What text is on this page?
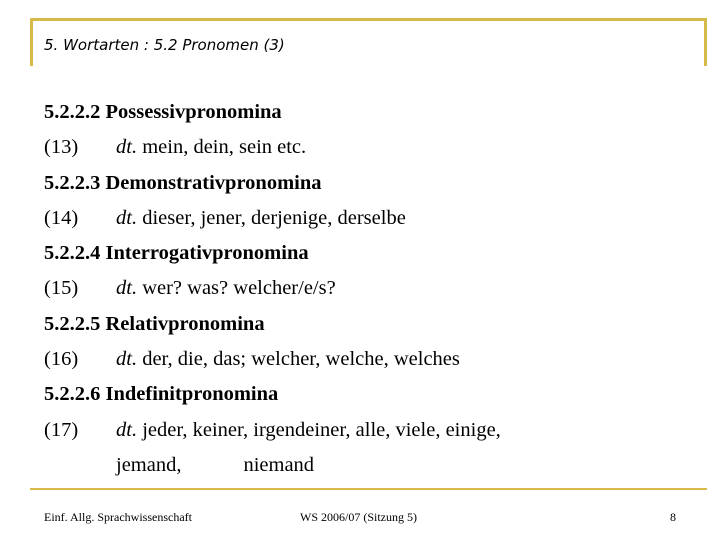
5. Wortarten : 5.2 Pronomen (3)
5.2.2.2 Possessivpronomina
(13) dt. mein, dein, sein etc.
5.2.2.3 Demonstrativpronomina
(14) dt. dieser, jener, derjenige, derselbe
5.2.2.4 Interrogativpronomina
(15) dt. wer? was? welcher/e/s?
5.2.2.5 Relativpronomina
(16) dt. der, die, das; welcher, welche, welches
5.2.2.6 Indefinitpronomina
(17) dt. jeder, keiner, irgendeiner, alle, viele, einige,
jemand,	niemand
Einf. Allg. Sprachwissenschaft	WS 2006/07 (Sitzung 5)	8
